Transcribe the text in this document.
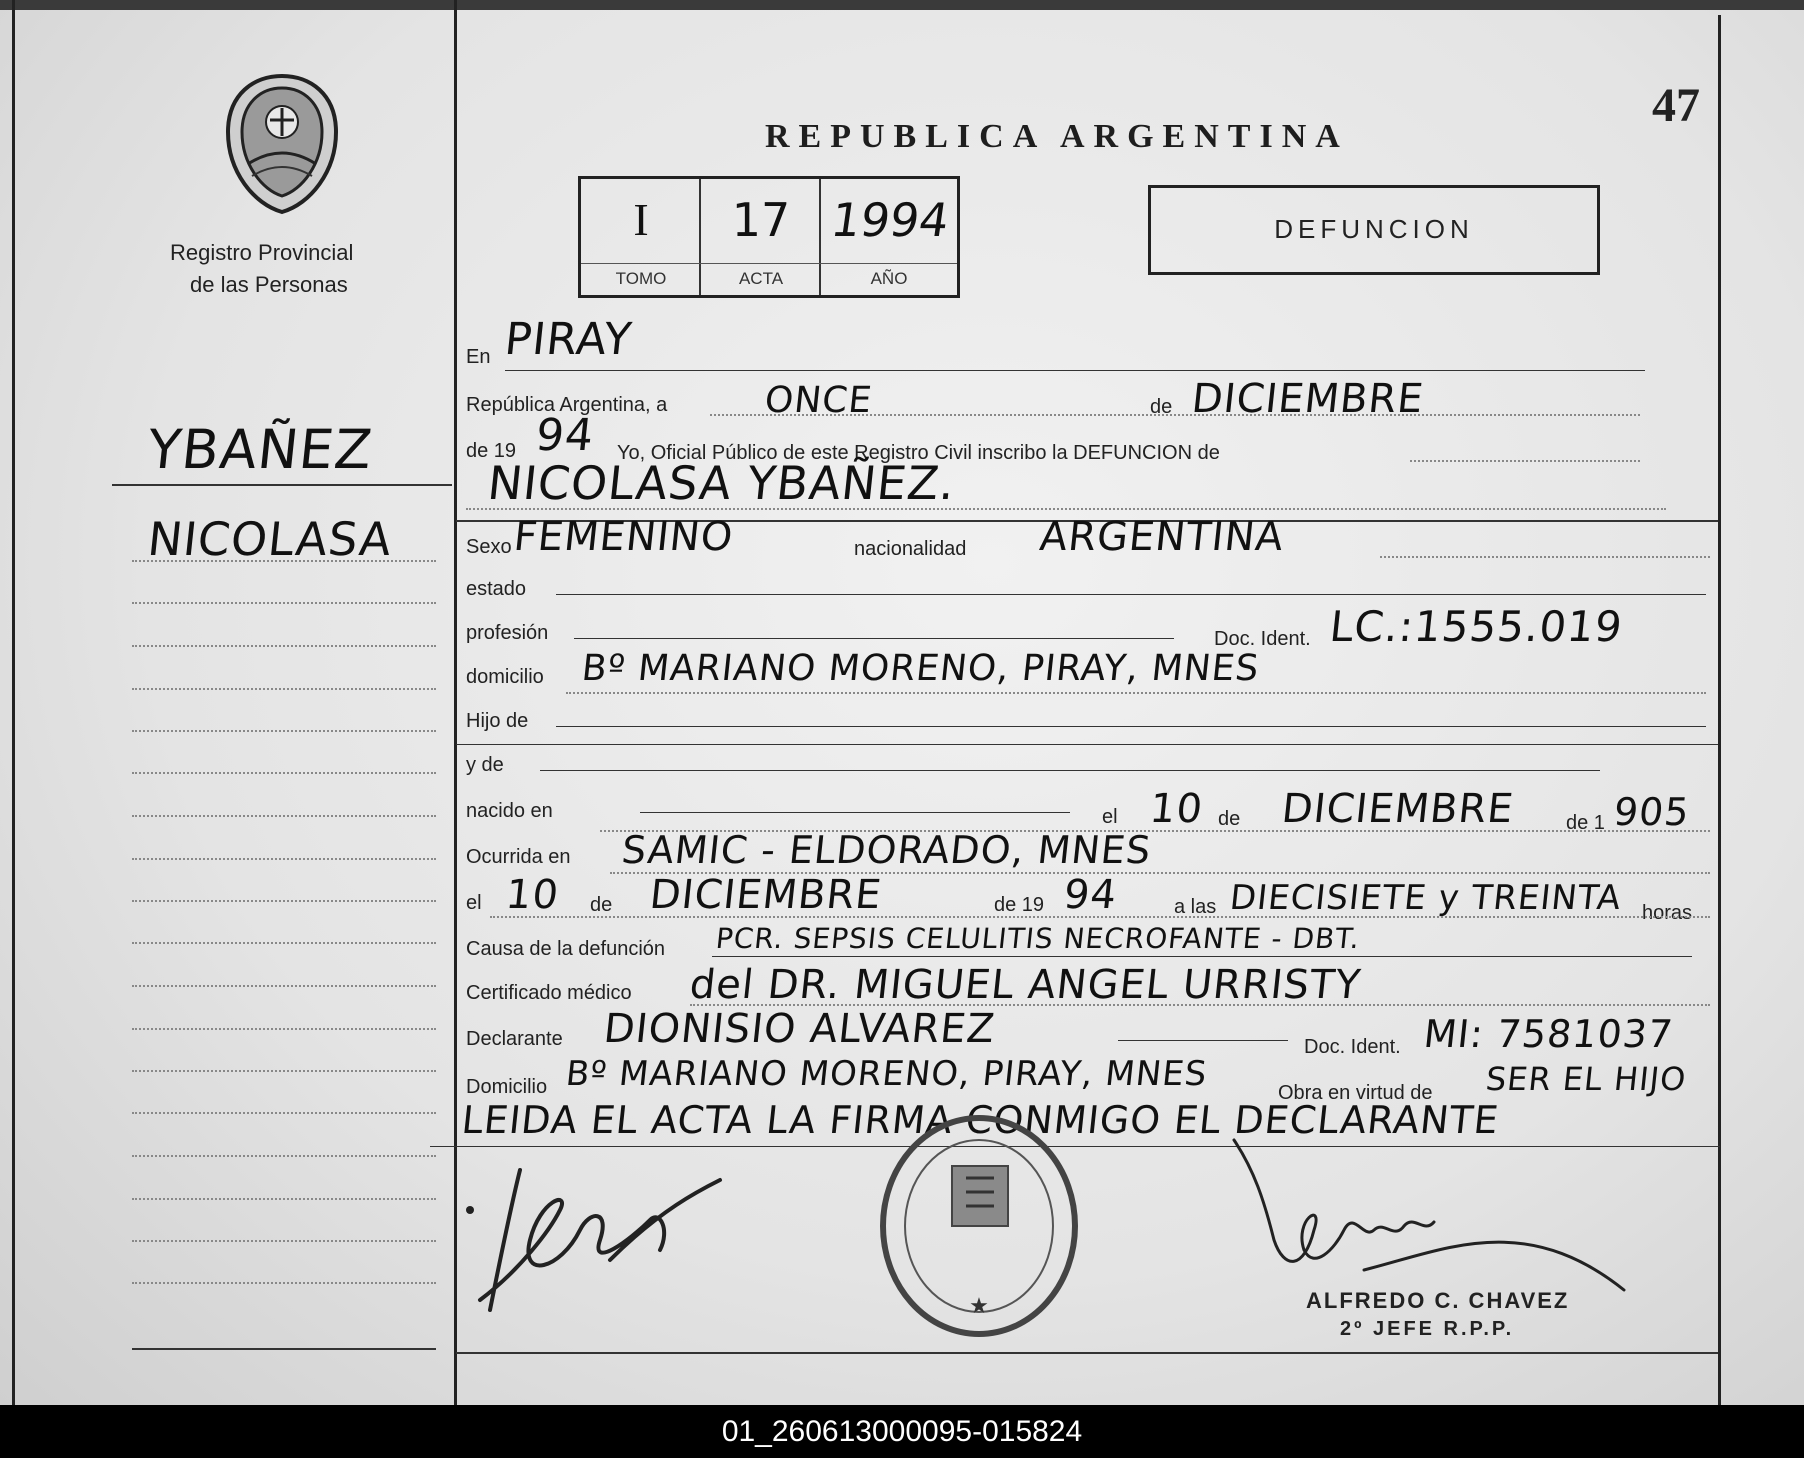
47
Registro Provincial
de las Personas
REPUBLICA ARGENTINA
I	17 1994
TOMO	ACTA	AÑO
DEFUNCION
YBAÑEZ
NICOLASA
En PIRAY
República Argentina, a	ONCE	de DICIEMBRE
de 19 94 Yo, Oficial Público de este Registro Civil inscribo la DEFUNCION de
NICOLASA YBAÑEZ.
Sexo FEMENINO	nacionalidad ARGENTINA
estado
profesión	Doc. Ident. LC.:1555.019
domicilio Bº MARIANO MORENO, PIRAY, MNES
Hijo de
y de
nacido en	el 10 de DICIEMBRE de 1 905
Ocurrida en SAMIC - ELDORADO, MNES
el 10 de DICIEMBRE	de 19 94	a las DIECISIETE y TREINTA horas
Causa de la defunción PCR. SEPSIS CELULITIS NECROFANTE - DBT.
Certificado médico del DR. MIGUEL ANGEL URRISTY
Declarante DIONISIO ALVAREZ	Doc. Ident. MI: 7581037
Domicilio Bº MARIANO MORENO, PIRAY, MNES	Obra en virtud de SER EL HIJO
LEIDA EL ACTA LA FIRMA CONMIGO EL DECLARANTE
★	ALFREDO C. CHAVEZ
2º JEFE R.P.P.
01_260613000095-015824
